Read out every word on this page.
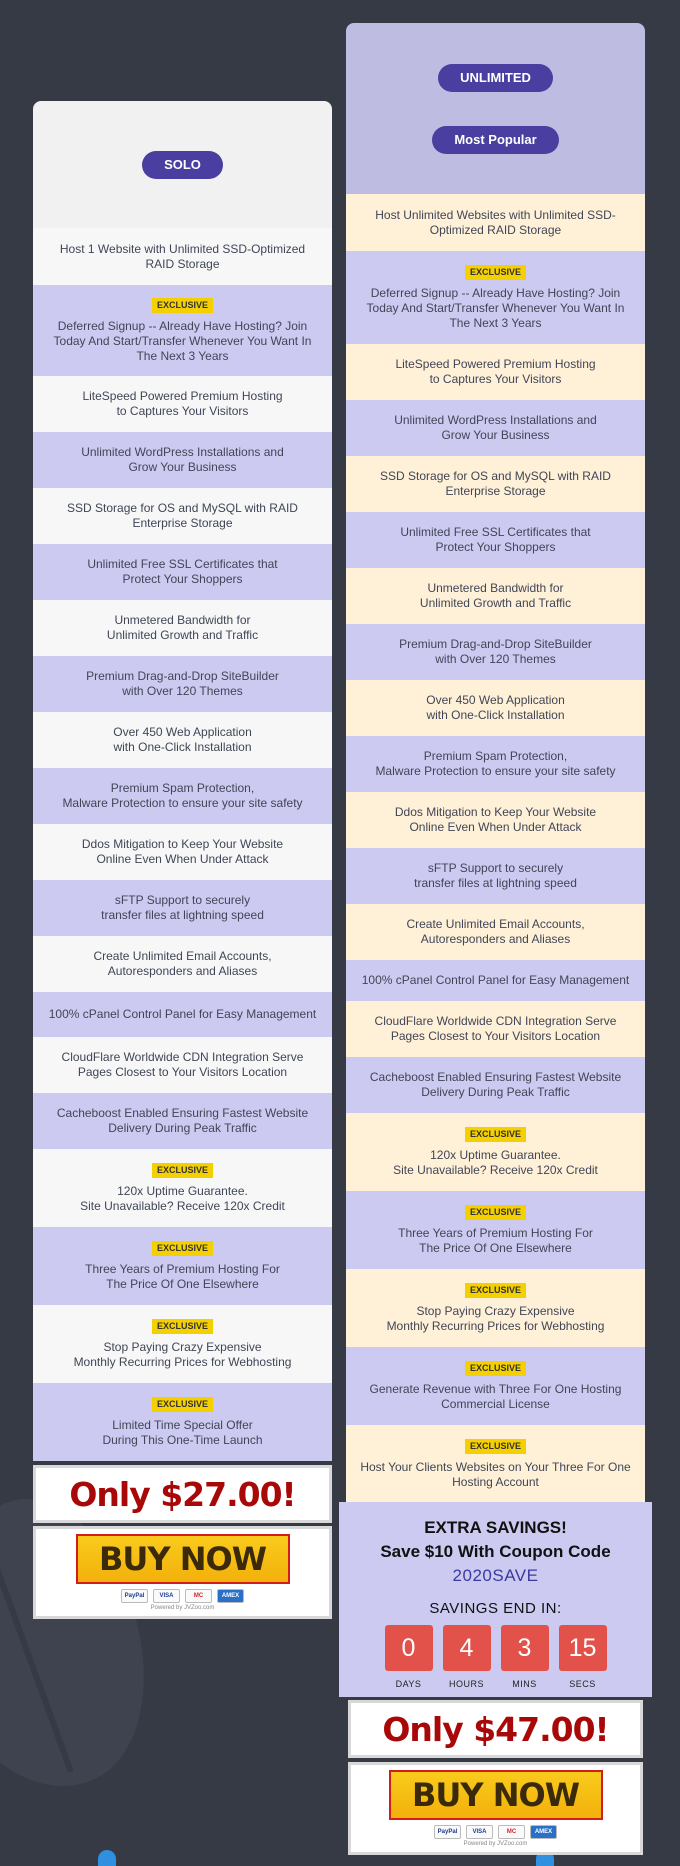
SOLO
Host 1 Website with Unlimited SSD-Optimized
RAID Storage
EXCLUSIVE
Deferred Signup -- Already Have Hosting? Join
Today And Start/Transfer Whenever You Want In
The Next 3 Years
LiteSpeed Powered Premium Hosting
to Captures Your Visitors
Unlimited WordPress Installations and
Grow Your Business
SSD Storage for OS and MySQL with RAID
Enterprise Storage
Unlimited Free SSL Certificates that
Protect Your Shoppers
Unmetered Bandwidth for
Unlimited Growth and Traffic
Premium Drag-and-Drop SiteBuilder
with Over 120 Themes
Over 450 Web Application
with One-Click Installation
Premium Spam Protection,
Malware Protection to ensure your site safety
Ddos Mitigation to Keep Your Website
Online Even When Under Attack
sFTP Support to securely
transfer files at lightning speed
Create Unlimited Email Accounts,
Autoresponders and Aliases
100% cPanel Control Panel for Easy Management
CloudFlare Worldwide CDN Integration Serve
Pages Closest to Your Visitors Location
Cacheboost Enabled Ensuring Fastest Website
Delivery During Peak Traffic
EXCLUSIVE
120x Uptime Guarantee.
Site Unavailable? Receive 120x Credit
EXCLUSIVE
Three Years of Premium Hosting For
The Price Of One Elsewhere
EXCLUSIVE
Stop Paying Crazy Expensive
Monthly Recurring Prices for Webhosting
EXCLUSIVE
Limited Time Special Offer
During This One-Time Launch
Only $27.00!
BUY NOW
PayPal	VISA	MC	AMEX
Powered by JVZoo.com
UNLIMITED
Most Popular
Host Unlimited Websites with Unlimited SSD-
Optimized RAID Storage
EXCLUSIVE
Deferred Signup -- Already Have Hosting? Join
Today And Start/Transfer Whenever You Want In
The Next 3 Years
LiteSpeed Powered Premium Hosting
to Captures Your Visitors
Unlimited WordPress Installations and
Grow Your Business
SSD Storage for OS and MySQL with RAID
Enterprise Storage
Unlimited Free SSL Certificates that
Protect Your Shoppers
Unmetered Bandwidth for
Unlimited Growth and Traffic
Premium Drag-and-Drop SiteBuilder
with Over 120 Themes
Over 450 Web Application
with One-Click Installation
Premium Spam Protection,
Malware Protection to ensure your site safety
Ddos Mitigation to Keep Your Website
Online Even When Under Attack
sFTP Support to securely
transfer files at lightning speed
Create Unlimited Email Accounts,
Autoresponders and Aliases
100% cPanel Control Panel for Easy Management
CloudFlare Worldwide CDN Integration Serve
Pages Closest to Your Visitors Location
Cacheboost Enabled Ensuring Fastest Website
Delivery During Peak Traffic
EXCLUSIVE
120x Uptime Guarantee.
Site Unavailable? Receive 120x Credit
EXCLUSIVE
Three Years of Premium Hosting For
The Price Of One Elsewhere
EXCLUSIVE
Stop Paying Crazy Expensive
Monthly Recurring Prices for Webhosting
EXCLUSIVE
Generate Revenue with Three For One Hosting
Commercial License
EXCLUSIVE
Host Your Clients Websites on Your Three For One
Hosting Account
EXTRA SAVINGS!
Save $10 With Coupon Code
2020SAVE
SAVINGS END IN:
0
DAYS
4
HOURS
3
MINS
15
SECS
Only $47.00!
BUY NOW
PayPal	VISA	MC	AMEX
Powered by JVZoo.com
